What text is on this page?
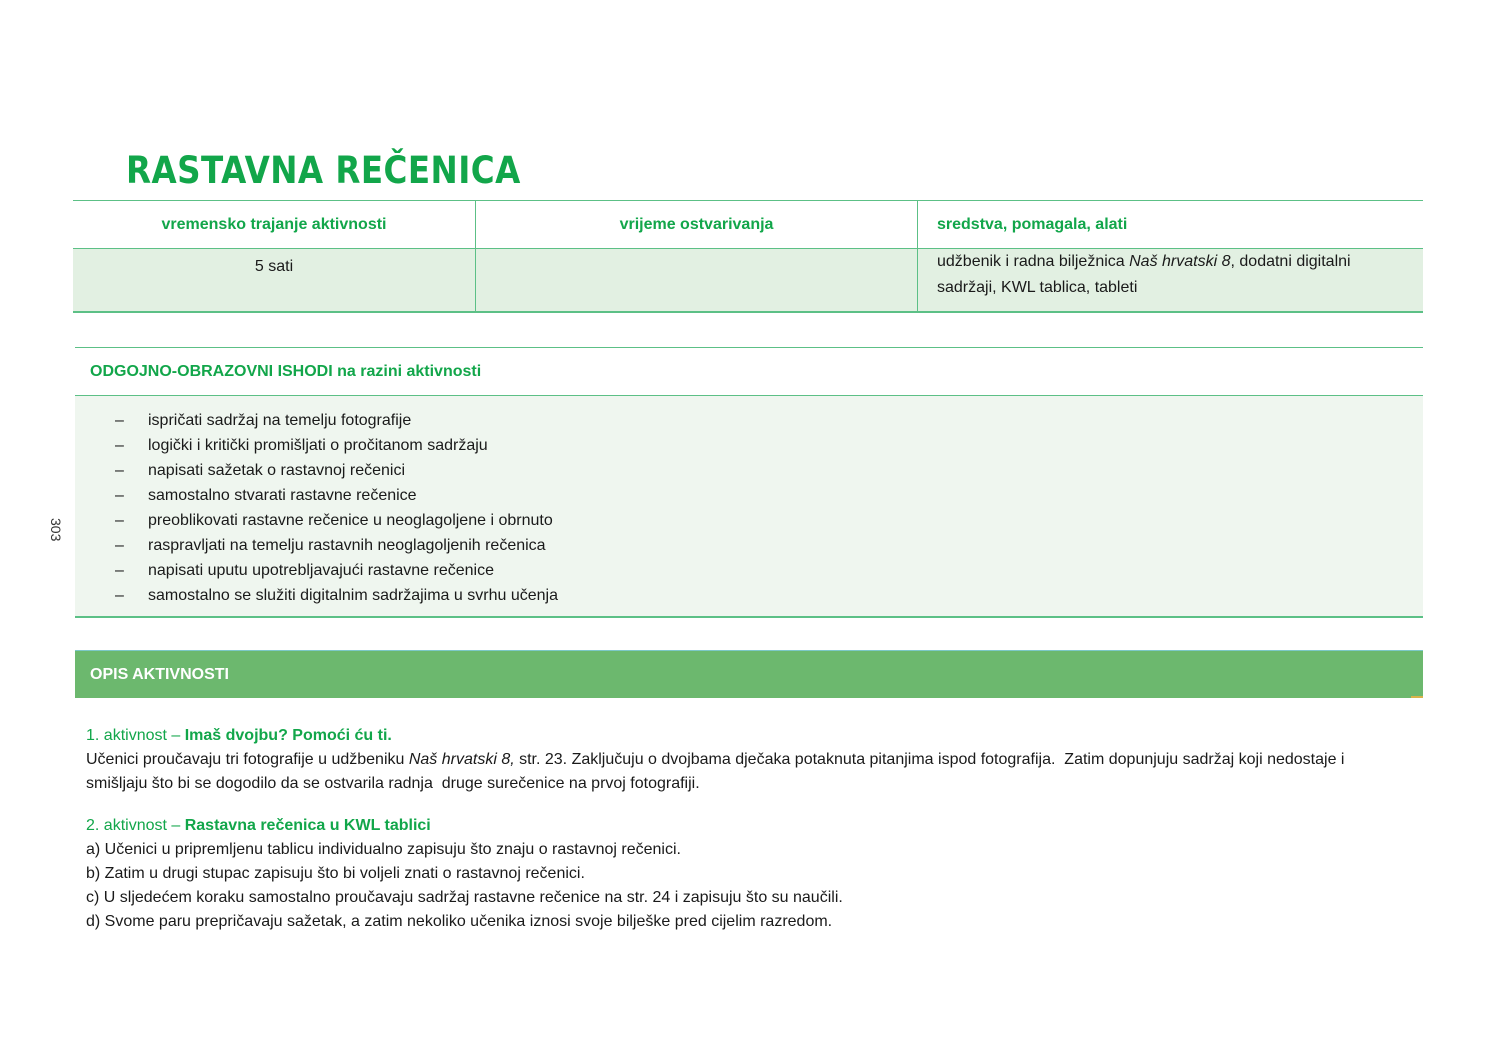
RASTAVNA REČENICA
303
vremensko trajanje aktivnosti	vrijeme ostvarivanja	sredstva, pomagala, alati
5 sati		udžbenik i radna bilježnica Naš hrvatski 8, dodatni digitalni sadržaji, KWL tablica, tableti
ODGOJNO-OBRAZOVNI ISHODI na razini aktivnosti
–	ispričati sadržaj na temelju fotografije
–	logički i kritički promišljati o pročitanom sadržaju
–	napisati sažetak o rastavnoj rečenici
–	samostalno stvarati rastavne rečenice
–	preoblikovati rastavne rečenice u neoglagoljene i obrnuto
–	raspravljati na temelju rastavnih neoglagoljenih rečenica
–	napisati uputu upotrebljavajući rastavne rečenice
–	samostalno se služiti digitalnim sadržajima u svrhu učenja
OPIS AKTIVNOSTI
1. aktivnost – Imaš dvojbu? Pomoći ću ti.

Učenici proučavaju tri fotografije u udžbeniku Naš hrvatski 8, str. 23. Zaključuju o dvojbama dječaka potaknuta pitanjima ispod fotografija.  Zatim dopunjuju sadržaj koji nedostaje i smišljaju što bi se dogodilo da se ostvarila radnja  druge surečenice na prvoj fotografiji.

2. aktivnost – Rastavna rečenica u KWL tablici

a) Učenici u pripremljenu tablicu individualno zapisuju što znaju o rastavnoj rečenici.

b) Zatim u drugi stupac zapisuju što bi voljeli znati o rastavnoj rečenici.

c) U sljedećem koraku samostalno proučavaju sadržaj rastavne rečenice na str. 24 i zapisuju što su naučili.

d) Svome paru prepričavaju sažetak, a zatim nekoliko učenika iznosi svoje bilješke pred cijelim razredom.
